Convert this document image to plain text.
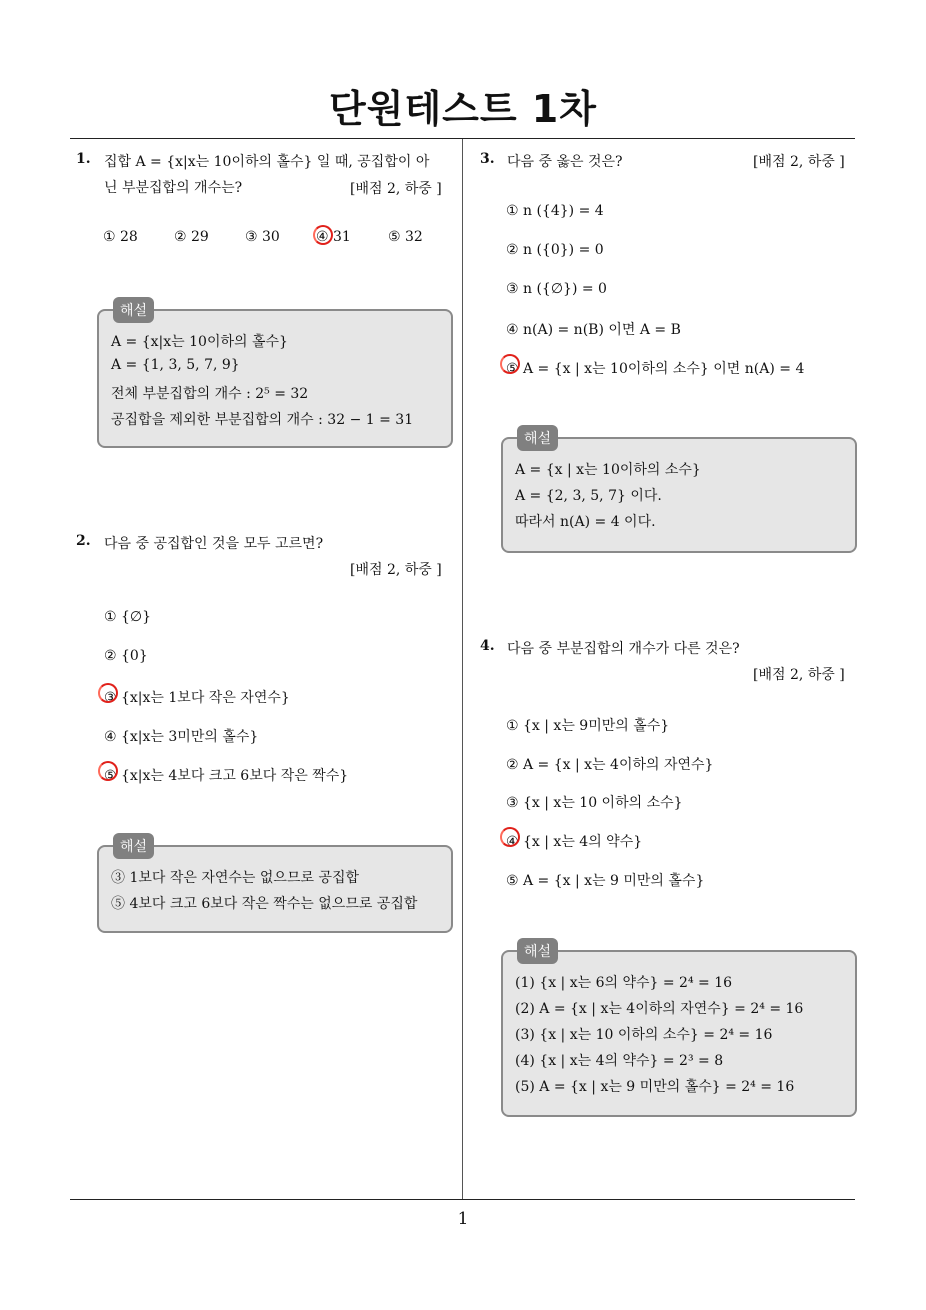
단원테스트 1차
1
1. 집합 A = {x|x는 10이하의 홀수} 일 때, 공집합이 아
닌 부분집합의 개수는?	[배점 2, 하중 ]
① 28	② 29	③ 30	④ 31	⑤ 32
해설
A = {x|x는 10이하의 홀수}
A = {1, 3, 5, 7, 9}
전체 부분집합의 개수 : 2⁵ = 32
공집합을 제외한 부분집합의 개수 : 32 − 1 = 31
2. 다음 중 공집합인 것을 모두 고르면?
[배점 2, 하중 ]
① {∅}
② {0}
③ {x|x는 1보다 작은 자연수}
④ {x|x는 3미만의 홀수}
⑤ {x|x는 4보다 크고 6보다 작은 짝수}
해설
③ 1보다 작은 자연수는 없으므로 공집합
⑤ 4보다 크고 6보다 작은 짝수는 없으므로 공집합
3. 다음 중 옳은 것은?	[배점 2, 하중 ]
① n ({4}) = 4
② n ({0}) = 0
③ n ({∅}) = 0
④ n(A) = n(B) 이면 A = B
⑤ A = {x | x는 10이하의 소수} 이면 n(A) = 4
해설
A = {x | x는 10이하의 소수}
A = {2, 3, 5, 7} 이다.
따라서 n(A) = 4 이다.
4. 다음 중 부분집합의 개수가 다른 것은?
[배점 2, 하중 ]
① {x | x는 9미만의 홀수}
② A = {x | x는 4이하의 자연수}
③ {x | x는 10 이하의 소수}
④ {x | x는 4의 약수}
⑤ A = {x | x는 9 미만의 홀수}
해설
(1) {x | x는 6의 약수} = 2⁴ = 16
(2) A = {x | x는 4이하의 자연수} = 2⁴ = 16
(3) {x | x는 10 이하의 소수} = 2⁴ = 16
(4) {x | x는 4의 약수} = 2³ = 8
(5) A = {x | x는 9 미만의 홀수} = 2⁴ = 16
